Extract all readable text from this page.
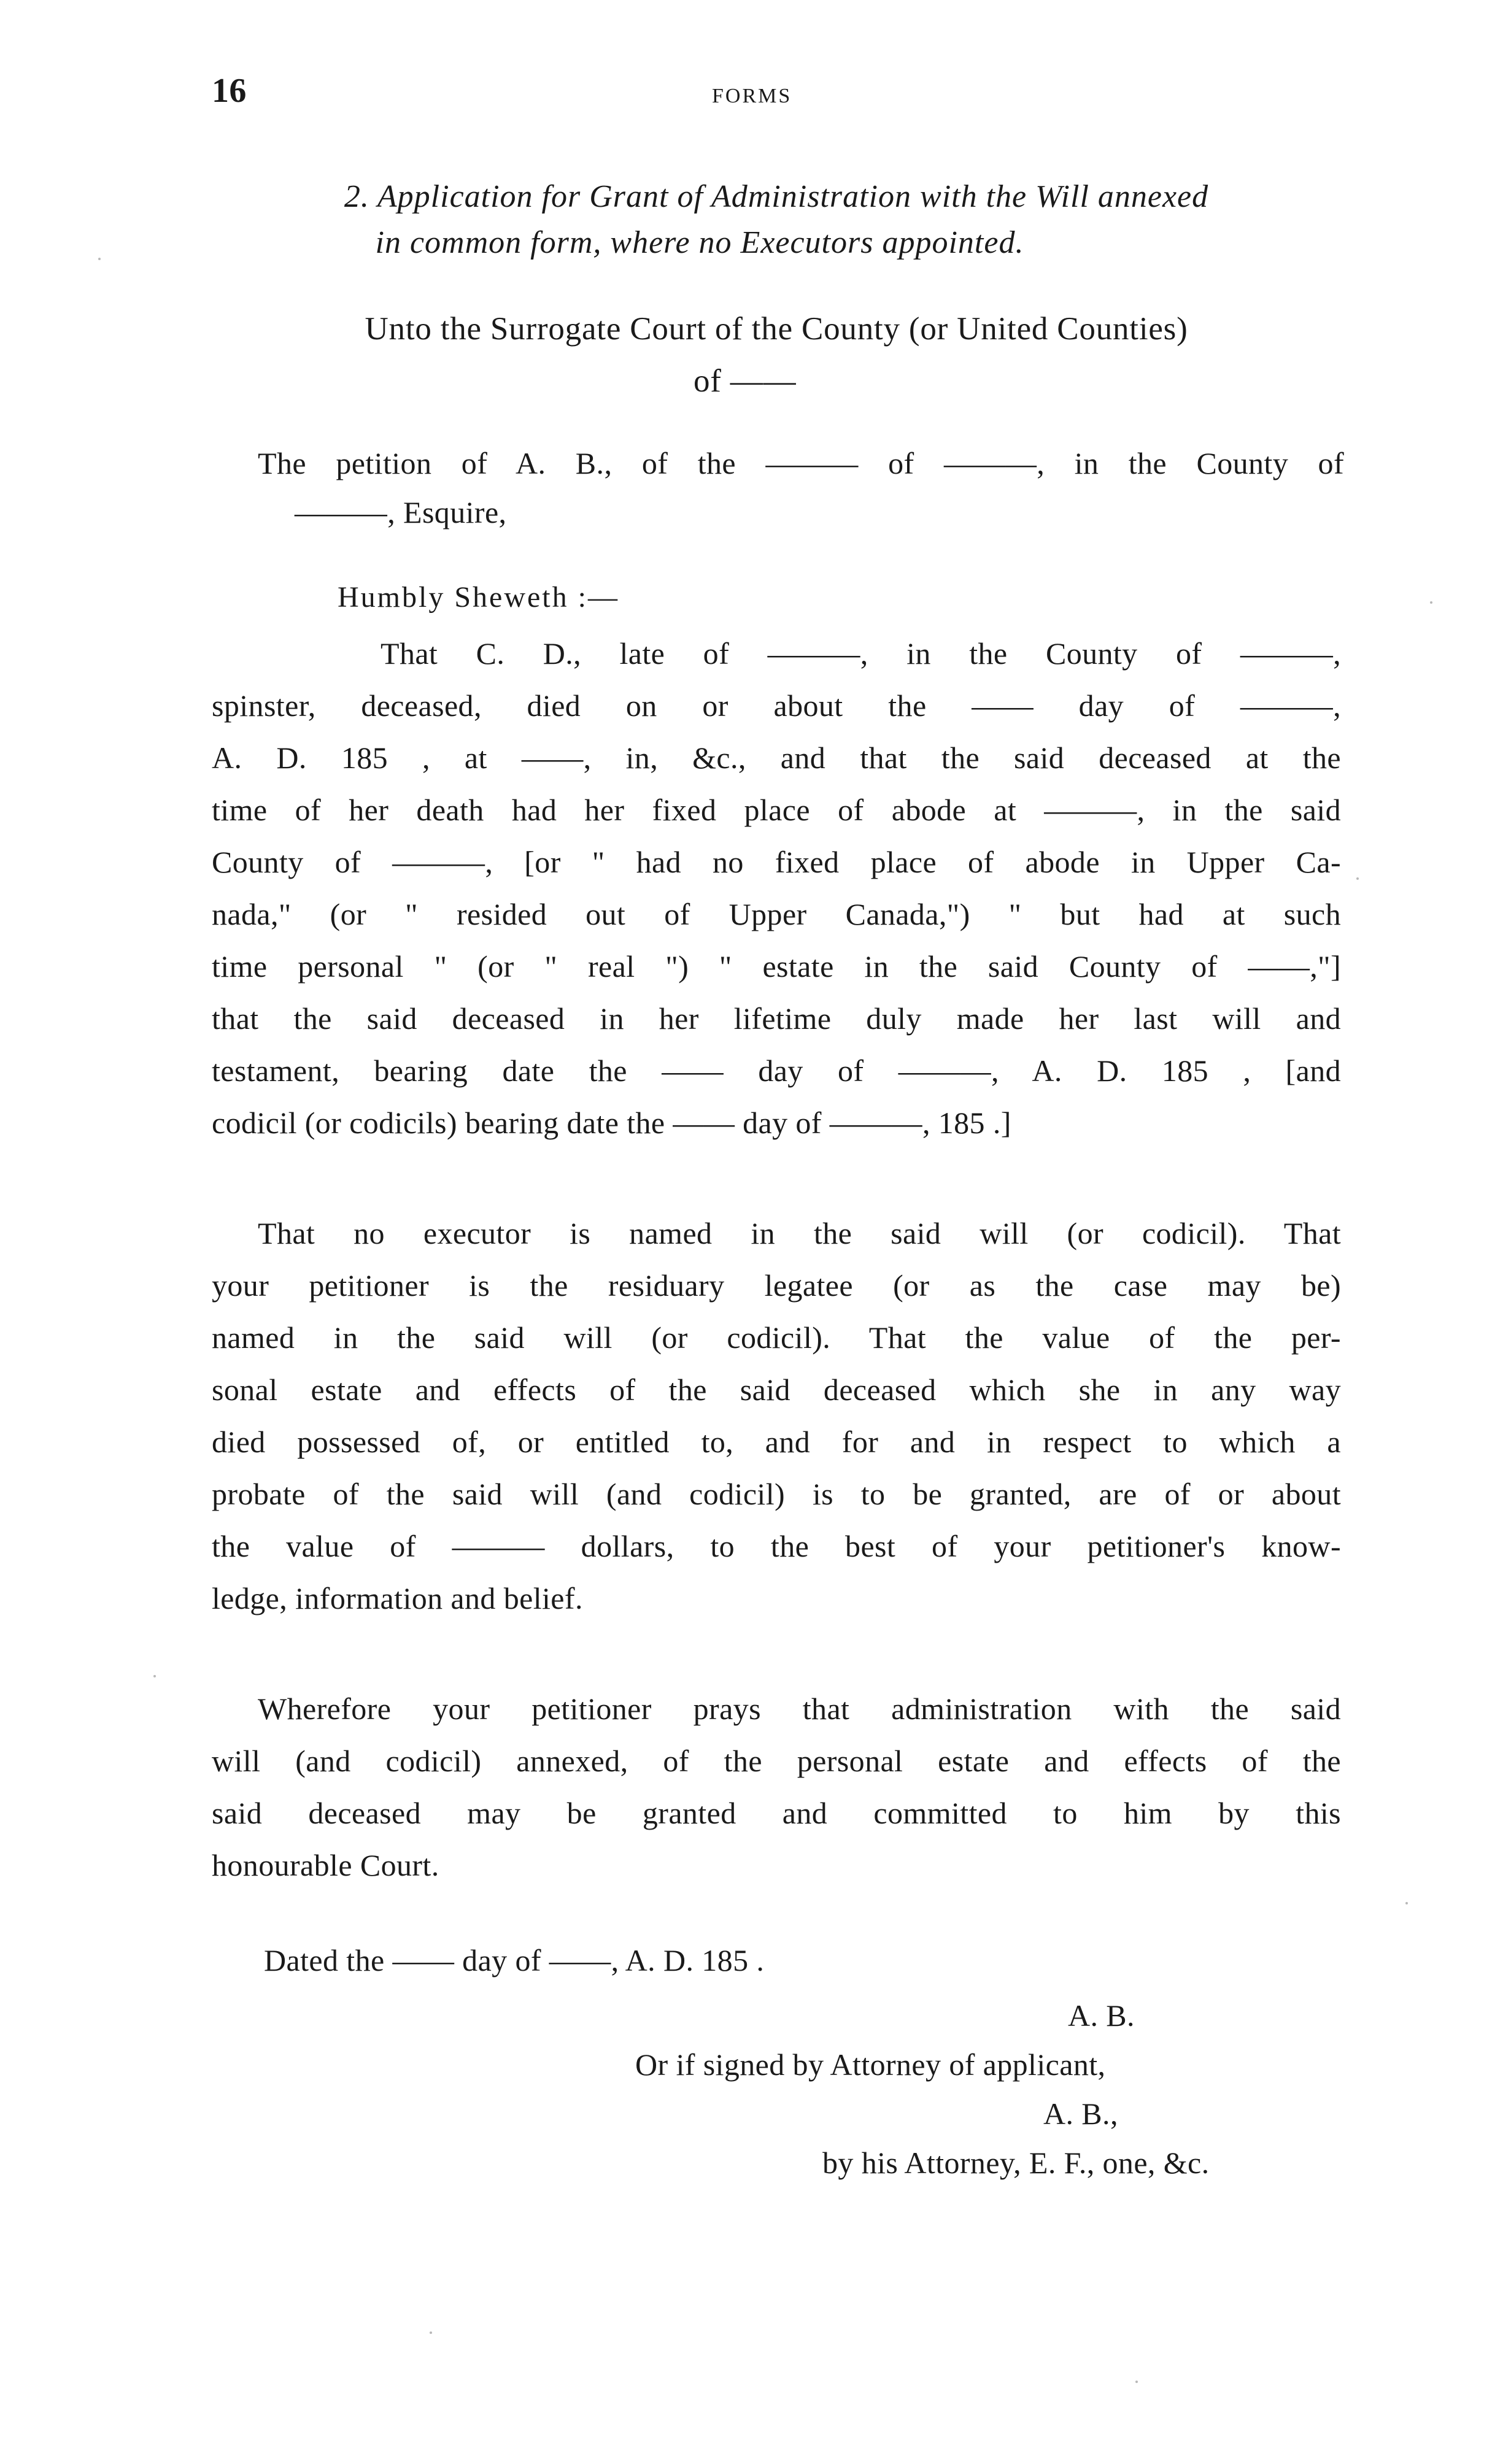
16	FORMS
2. Application for Grant of Administration with the Will annexed
in common form, where no Executors appointed.
Unto the Surrogate Court of the County (or United Counties)
of ——
The petition of A. B., of the ——— of ———, in the County of
———, Esquire,
Humbly Sheweth :—
That C. D., late of ———, in the County of ———,
spinster, deceased, died on or about the —— day of ———,
A. D. 185 , at ——, in, &c., and that the said deceased at the
time of her death had her fixed place of abode at ———, in the said
County of ———, [or " had no fixed place of abode in Upper Ca-
nada," (or " resided out of Upper Canada,") " but had at such
time personal " (or " real ") " estate in the said County of ——,"]
that the said deceased in her lifetime duly made her last will and
testament, bearing date the —— day of ———, A. D. 185 , [and
codicil (or codicils) bearing date the —— day of ———, 185 .]
That no executor is named in the said will (or codicil). That
your petitioner is the residuary legatee (or as the case may be)
named in the said will (or codicil). That the value of the per-
sonal estate and effects of the said deceased which she in any way
died possessed of, or entitled to, and for and in respect to which a
probate of the said will (and codicil) is to be granted, are of or about
the value of ——— dollars, to the best of your petitioner's know-
ledge, information and belief.
Wherefore your petitioner prays that administration with the said
will (and codicil) annexed, of the personal estate and effects of the
said deceased may be granted and committed to him by this
honourable Court.
Dated the —— day of ——, A. D. 185 .
A. B.
Or if signed by Attorney of applicant,
A. B.,
by his Attorney, E. F., one, &c.
